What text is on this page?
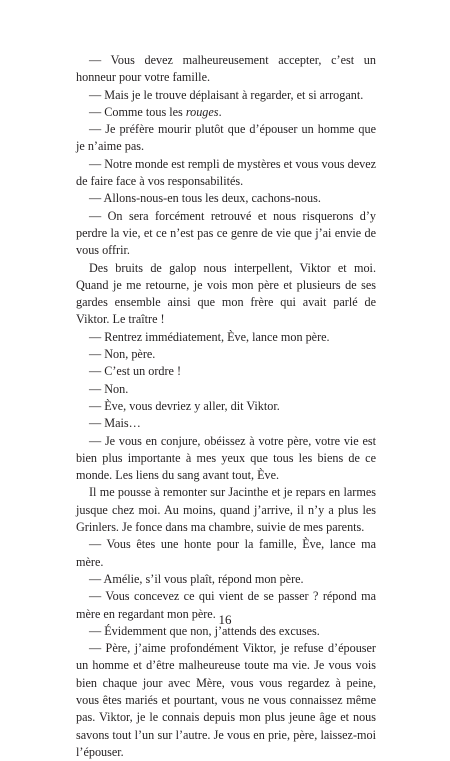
— Vous devez malheureusement accepter, c’est un honneur pour votre famille.

— Mais je le trouve déplaisant à regarder, et si arrogant.

— Comme tous les rouges.

— Je préfère mourir plutôt que d’épouser un homme que je n’aime pas.

— Notre monde est rempli de mystères et vous vous devez de faire face à vos responsabilités.

— Allons-nous-en tous les deux, cachons-nous.

— On sera forcément retrouvé et nous risquerons d’y perdre la vie, et ce n’est pas ce genre de vie que j’ai envie de vous offrir.

Des bruits de galop nous interpellent, Viktor et moi. Quand je me retourne, je vois mon père et plusieurs de ses gardes ensemble ainsi que mon frère qui avait parlé de Viktor. Le traître !

— Rentrez immédiatement, Ève, lance mon père.

— Non, père.

— C’est un ordre !

— Non.

— Ève, vous devriez y aller, dit Viktor.

— Mais…

— Je vous en conjure, obéissez à votre père, votre vie est bien plus importante à mes yeux que tous les biens de ce monde. Les liens du sang avant tout, Ève.

Il me pousse à remonter sur Jacinthe et je repars en larmes jusque chez moi. Au moins, quand j’arrive, il n’y a plus les Grinlers. Je fonce dans ma chambre, suivie de mes parents.

— Vous êtes une honte pour la famille, Ève, lance ma mère.

— Amélie, s’il vous plaît, répond mon père.

— Vous concevez ce qui vient de se passer ? répond ma mère en regardant mon père.

— Évidemment que non, j’attends des excuses.

— Père, j’aime profondément Viktor, je refuse d’épouser un homme et d’être malheureuse toute ma vie. Je vous vois bien chaque jour avec Mère, vous vous regardez à peine, vous êtes mariés et pourtant, vous ne vous connaissez même pas. Viktor, je le connais depuis mon plus jeune âge et nous savons tout l’un sur l’autre. Je vous en prie, père, laissez-moi l’épouser.

16
